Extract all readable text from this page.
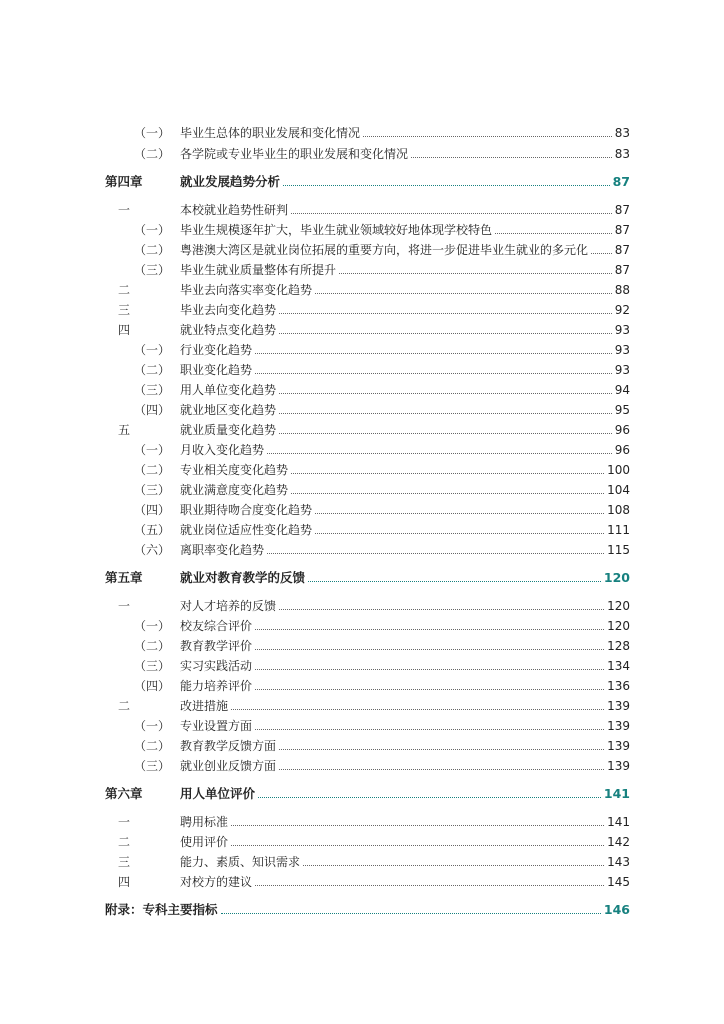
（一） 毕业生总体的职业发展和变化情况	83
（二） 各学院或专业毕业生的职业发展和变化情况	83
第四章	就业发展趋势分析	87
一	本校就业趋势性研判	87
（一） 毕业生规模逐年扩大，毕业生就业领域较好地体现学校特色	87
（二） 粤港澳大湾区是就业岗位拓展的重要方向，将进一步促进毕业生就业的多元化 87
（三） 毕业生就业质量整体有所提升	87
二	毕业去向落实率变化趋势	88
三	毕业去向变化趋势	92
四	就业特点变化趋势	93
（一） 行业变化趋势	93
（二） 职业变化趋势	93
（三） 用人单位变化趋势	94
（四） 就业地区变化趋势	95
五	就业质量变化趋势	96
（一） 月收入变化趋势	96
（二） 专业相关度变化趋势	100
（三） 就业满意度变化趋势	104
（四） 职业期待吻合度变化趋势	108
（五） 就业岗位适应性变化趋势	111
（六） 离职率变化趋势	115
第五章	就业对教育教学的反馈	120
一	对人才培养的反馈	120
（一） 校友综合评价	120
（二） 教育教学评价	128
（三） 实习实践活动	134
（四） 能力培养评价	136
二	改进措施	139
（一） 专业设置方面	139
（二） 教育教学反馈方面	139
（三） 就业创业反馈方面	139
第六章	用人单位评价	141
一	聘用标准	141
二	使用评价	142
三	能力、素质、知识需求	143
四	对校方的建议	145
附录：专科主要指标	146
